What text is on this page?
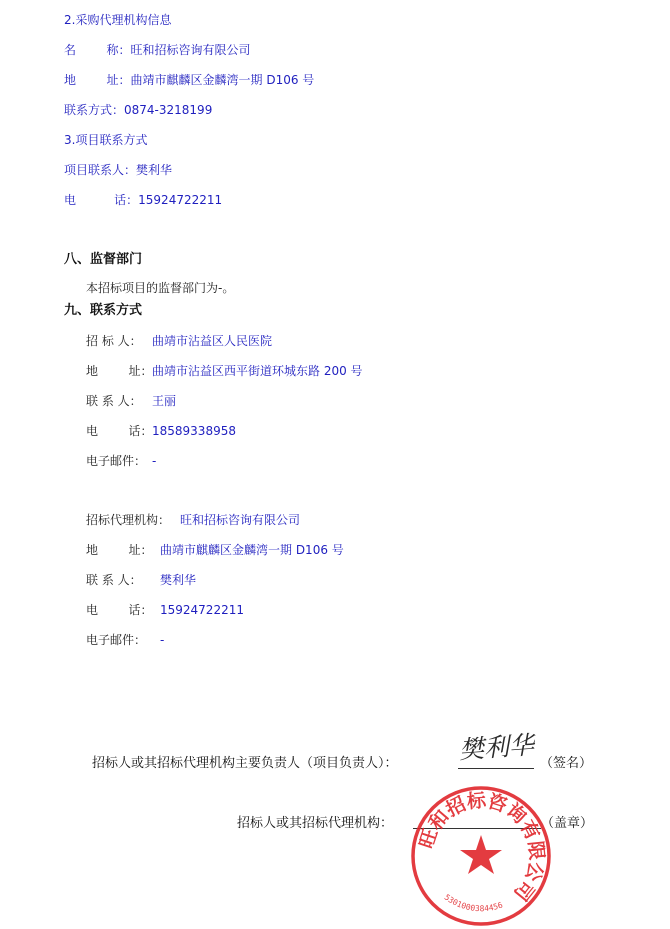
2.采购代理机构信息
名        称：旺和招标咨询有限公司
地        址：曲靖市麒麟区金麟湾一期 D106 号
联系方式：0874-3218199
3.项目联系方式
项目联系人：樊利华
电          话：15924722211
八、监督部门
本招标项目的监督部门为-。
九、联系方式
招 标 人： 曲靖市沾益区人民医院
地        址： 曲靖市沾益区西平街道环城东路 200 号
联 系 人： 王丽
电        话： 18589338958
电子邮件： -
招标代理机构： 旺和招标咨询有限公司
地        址： 曲靖市麒麟区金麟湾一期 D106 号
联 系 人： 樊利华
电        话： 15924722211
电子邮件： -
招标人或其招标代理机构主要负责人（项目负责人）： 樊利华 （签名）
招标人或其招标代理机构：	（盖章）
旺和招标咨询有限公司
5301000384456
